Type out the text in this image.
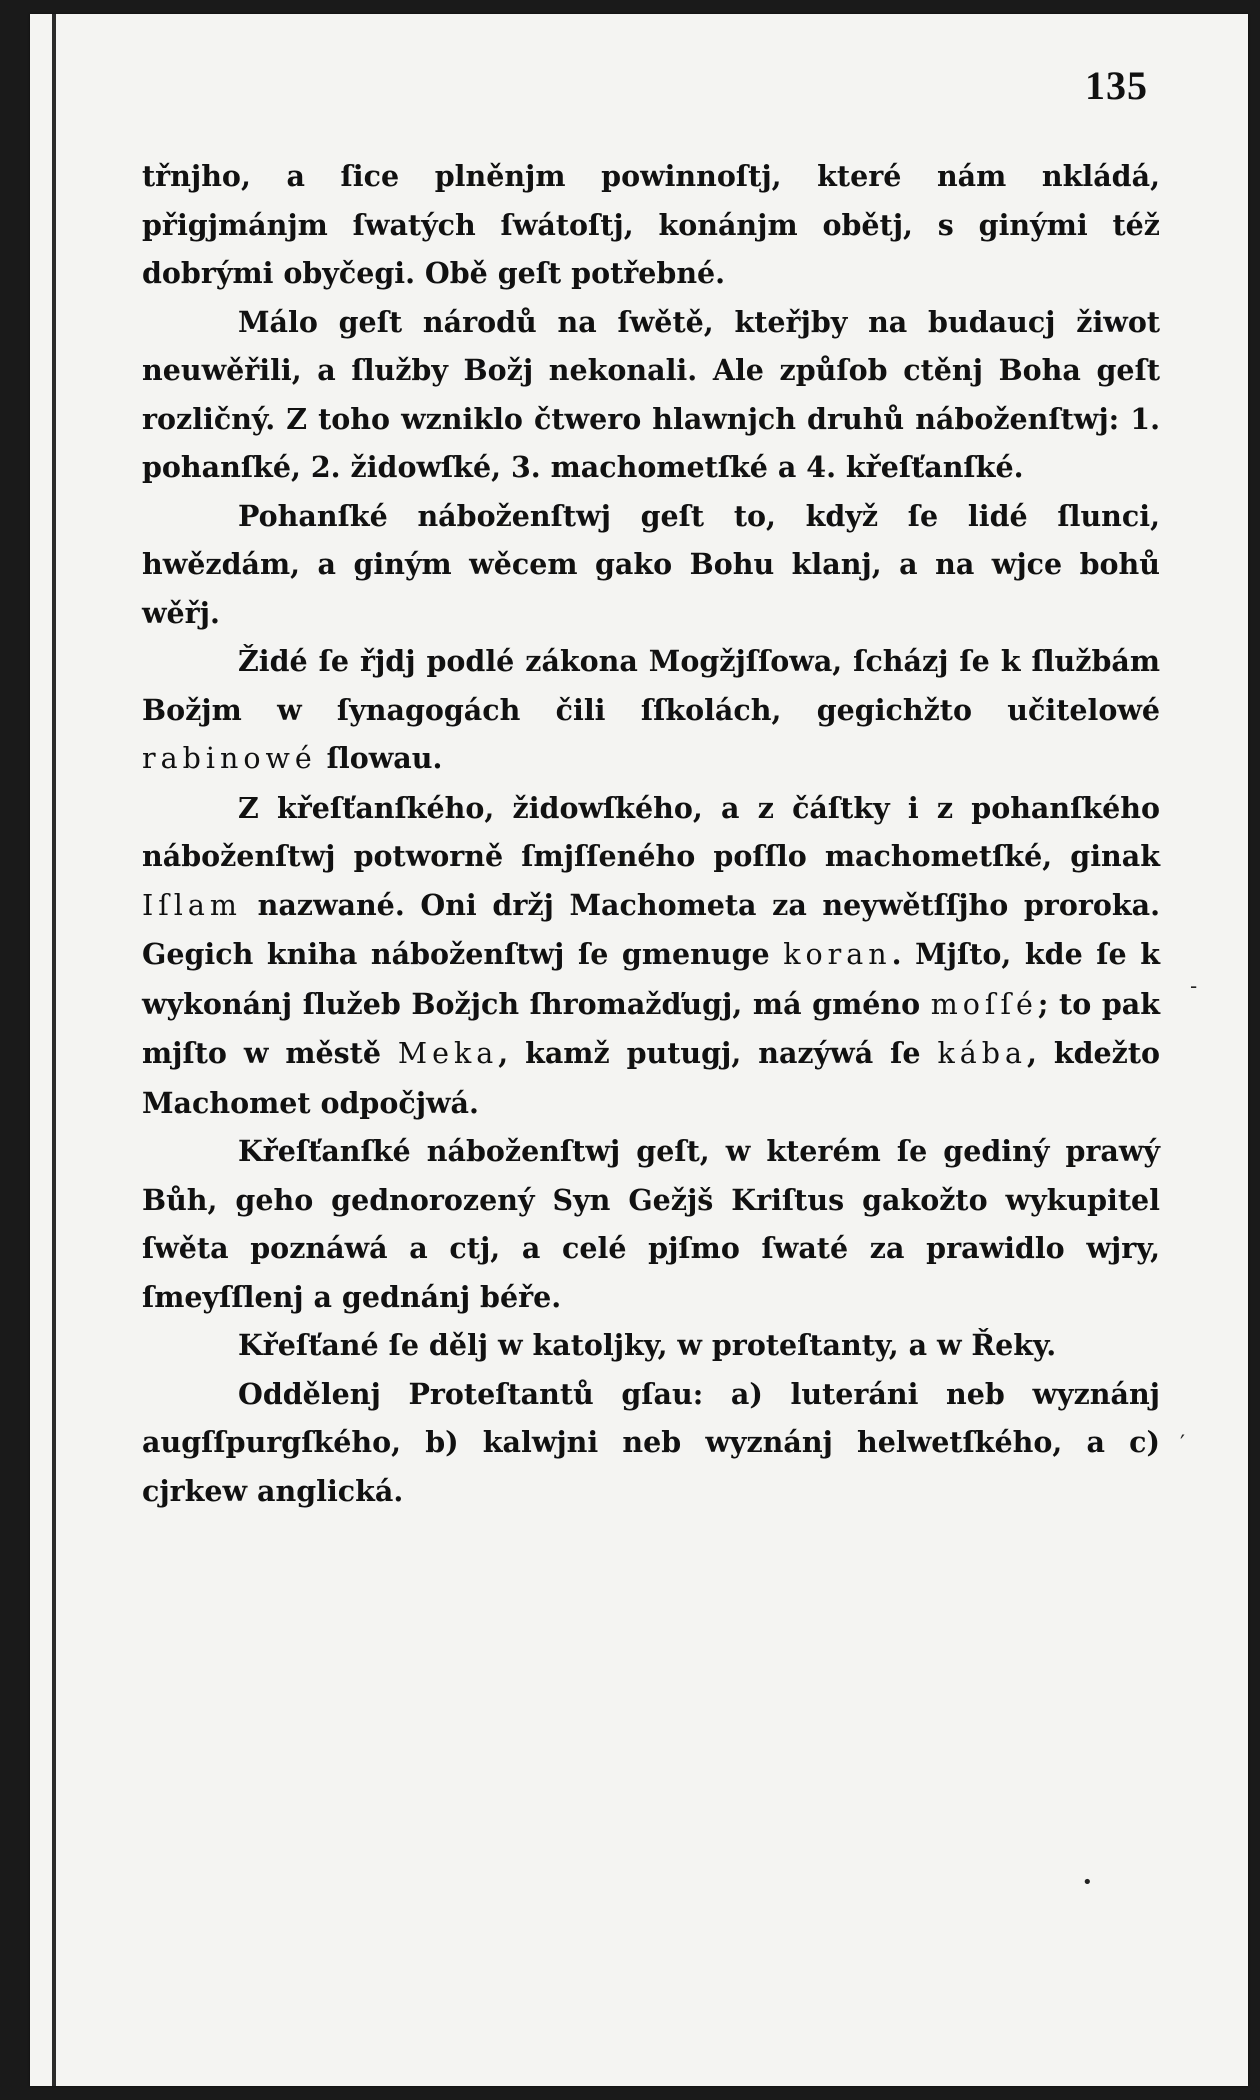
135

třnjho, a ſice plněnjm powinnoſtj, které nám nkládá, přigjmánjm ſwatých ſwátoſtj, konánjm obětj, s ginými též dobrými obyčegi. Obě geſt potřebné.

Málo geſt národů na ſwětě, kteřjby na budaucj žiwot neuwěřili, a ſlužby Božj nekonali. Ale způſob ctěnj Boha geſt rozličný. Z toho wzniklo čtwero hlawnjch druhů náboženſtwj: 1. pohanſké, 2. židowſké, 3. machometſké a 4. křeſťanſké.

Pohanſké náboženſtwj geſt to, když ſe lidé ſlunci, hwězdám, a giným wěcem gako Bohu klanj, a na wjce bohů wěřj.

Židé ſe řjdj podlé zákona Mogžjſſowa, ſcházj ſe k ſlužbám Božjm w ſynagogách čili ſſkolách, gegichžto učitelowé rabinowé ſlowau.

Z křeſťanſkého, židowſkého, a z čáſtky i z pohanſkého náboženſtwj potworně ſmjſſeného poſſlo machometſké, ginak Iſlam nazwané. Oni držj Machometa za neywětſſjho proroka. Gegich kniha náboženſtwj ſe gmenuge koran. Mjſto, kde ſe k wykonánj ſlužeb Božjch ſhromažďugj, má gméno moſſé; to pak mjſto w městě Meka, kamž putugj, nazýwá ſe kába, kdežto Machomet odpočjwá.

Křeſťanſké náboženſtwj geſt, w kterém ſe gediný prawý Bůh, geho gednorozený Syn Gežjš Kriſtus gakožto wykupitel ſwěta poznáwá a ctj, a celé pjſmo ſwaté za prawidlo wjry, ſmeyſſlenj a gednánj béře.

Křeſťané ſe dělj w katoljky, w proteſtanty, a w Řeky.

Oddělenj Proteſtantů gſau: a) luteráni neb wyznánj augſſpurgſkého, b) kalwjni neb wyznánj helwetſkého, a c) cjrkew anglická.

-
′
•
